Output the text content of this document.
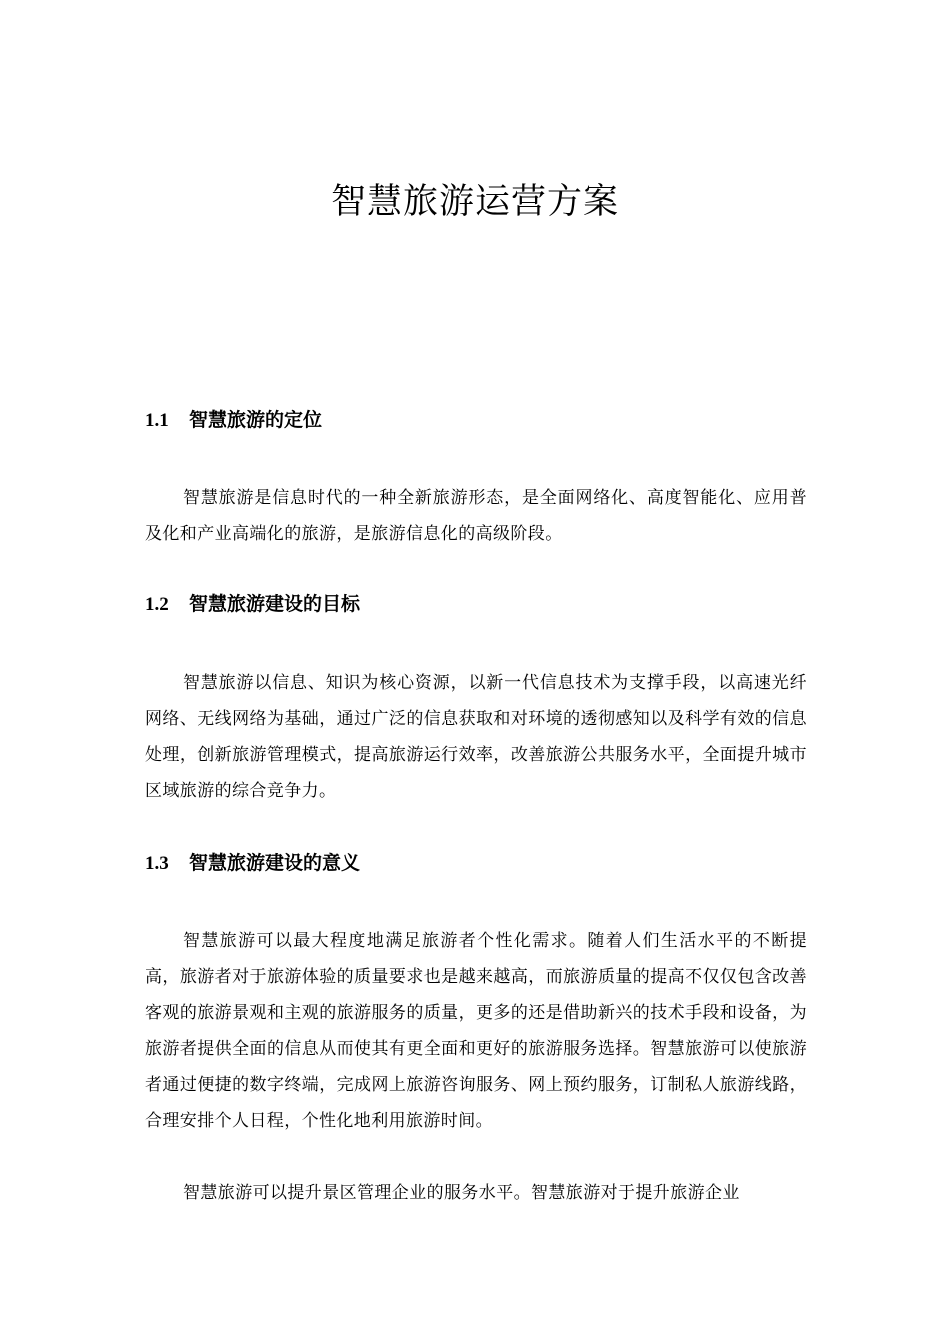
智慧旅游运营方案
1.1 智慧旅游的定位

智慧旅游是信息时代的一种全新旅游形态，是全面网络化、高度智能化、应用普及化和产业高端化的旅游，是旅游信息化的高级阶段。

1.2 智慧旅游建设的目标

智慧旅游以信息、知识为核心资源，以新一代信息技术为支撑手段，以高速光纤网络、无线网络为基础，通过广泛的信息获取和对环境的透彻感知以及科学有效的信息处理，创新旅游管理模式，提高旅游运行效率，改善旅游公共服务水平，全面提升城市区域旅游的综合竞争力。

1.3 智慧旅游建设的意义

智慧旅游可以最大程度地满足旅游者个性化需求。随着人们生活水平的不断提高，旅游者对于旅游体验的质量要求也是越来越高，而旅游质量的提高不仅仅包含改善客观的旅游景观和主观的旅游服务的质量，更多的还是借助新兴的技术手段和设备，为旅游者提供全面的信息从而使其有更全面和更好的旅游服务选择。智慧旅游可以使旅游者通过便捷的数字终端，完成网上旅游咨询服务、网上预约服务，订制私人旅游线路，合理安排个人日程，个性化地利用旅游时间。

智慧旅游可以提升景区管理企业的服务水平。智慧旅游对于提升旅游企业
